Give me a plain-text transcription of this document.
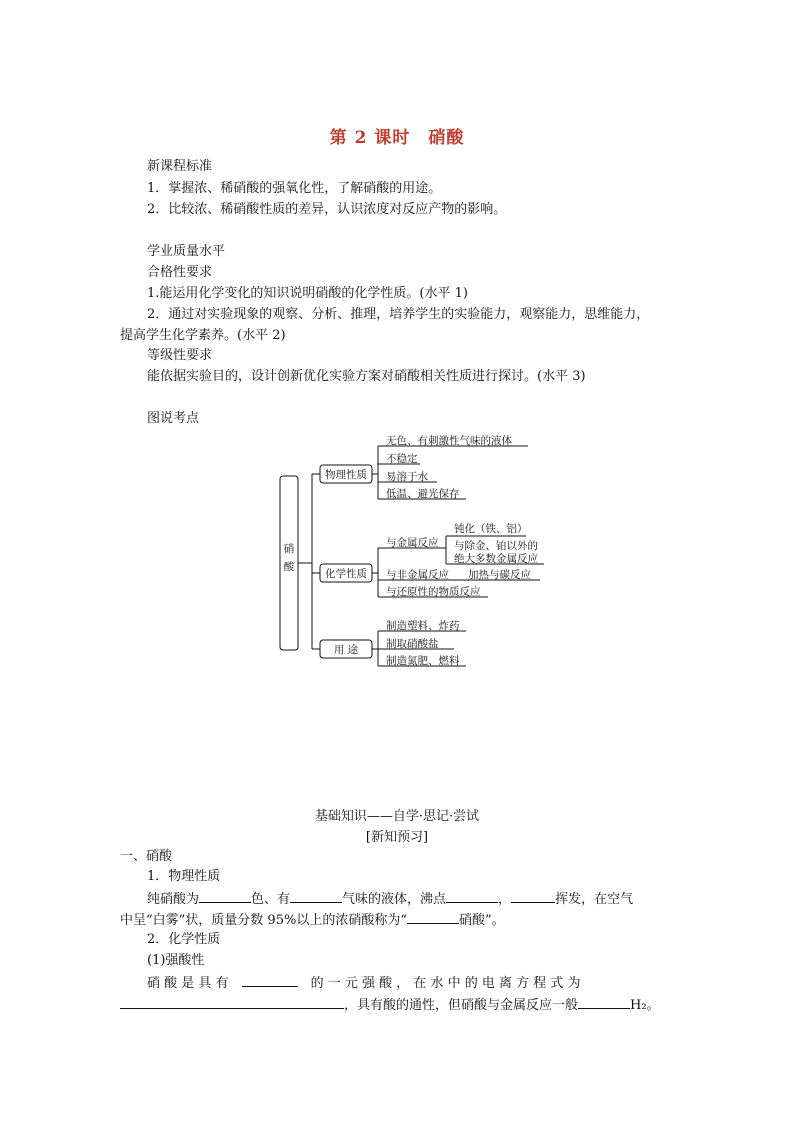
第 2 课时　硝酸
新课程标准
1．掌握浓、稀硝酸的强氧化性，了解硝酸的用途。
2．比较浓、稀硝酸性质的差异，认识浓度对反应产物的影响。
学业质量水平
合格性要求
1.能运用化学变化的知识说明硝酸的化学性质。(水平 1)
2．通过对实验现象的观察、分析、推理，培养学生的实验能力，观察能力，思维能力，
提高学生化学素养。(水平 2)
等级性要求
能依据实验目的，设计创新优化实验方案对硝酸相关性质进行探讨。(水平 3)
图说考点
硝
酸
物理性质
无色、有刺激性气味的液体
不稳定
易溶于水
低温、避光保存
化学性质
与金属反应
钝化（铁、铝）
与除金、铂以外的
绝大多数金属反应
与非金属反应 加热与碳反应
与还原性的物质反应
用 途
制造塑料、炸药
制取硝酸盐
制造氮肥、燃料
基础知识——自学·思记·尝试
[新知预习]
一、硝酸
1．物理性质
纯硝酸为	色、有	气味的液体，沸点	，	挥发，在空气
中呈“白雾”状，质量分数 95%以上的浓硝酸称为“	硝酸”。
2．化学性质
(1)强酸性
硝 酸 是 具 有　　	的 一 元 强 酸 ， 在 水 中 的 电 离 方 程 式 为
，具有酸的通性，但硝酸与金属反应一般	H₂。
